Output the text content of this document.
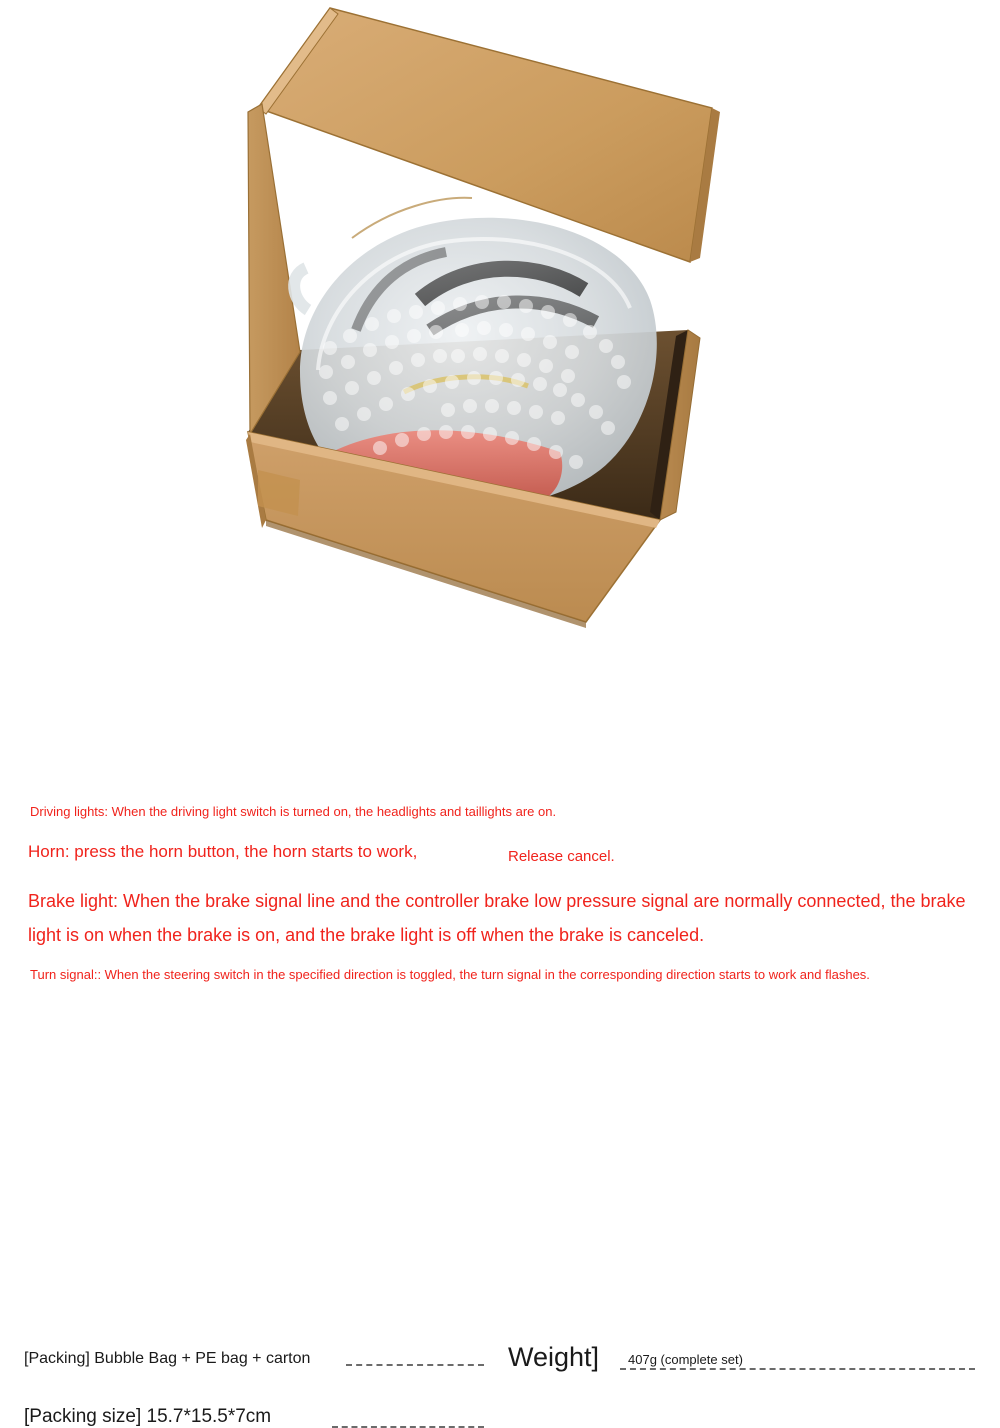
[Packing] Bubble Bag + PE bag + carton	Weight] 407g (complete set)
[Packing size] 15.7*15.5*7cm
Driving lights: When the driving light switch is turned on, the headlights and taillights are on.
Horn: press the horn button, the horn starts to work,	Release cancel.
Brake light: When the brake signal line and the controller brake low pressure signal are normally connected, the brake light is on when the brake is on, and the brake light is off when the brake is canceled.
Turn signal:: When the steering switch in the specified direction is toggled, the turn signal in the corresponding direction starts to work and flashes.
